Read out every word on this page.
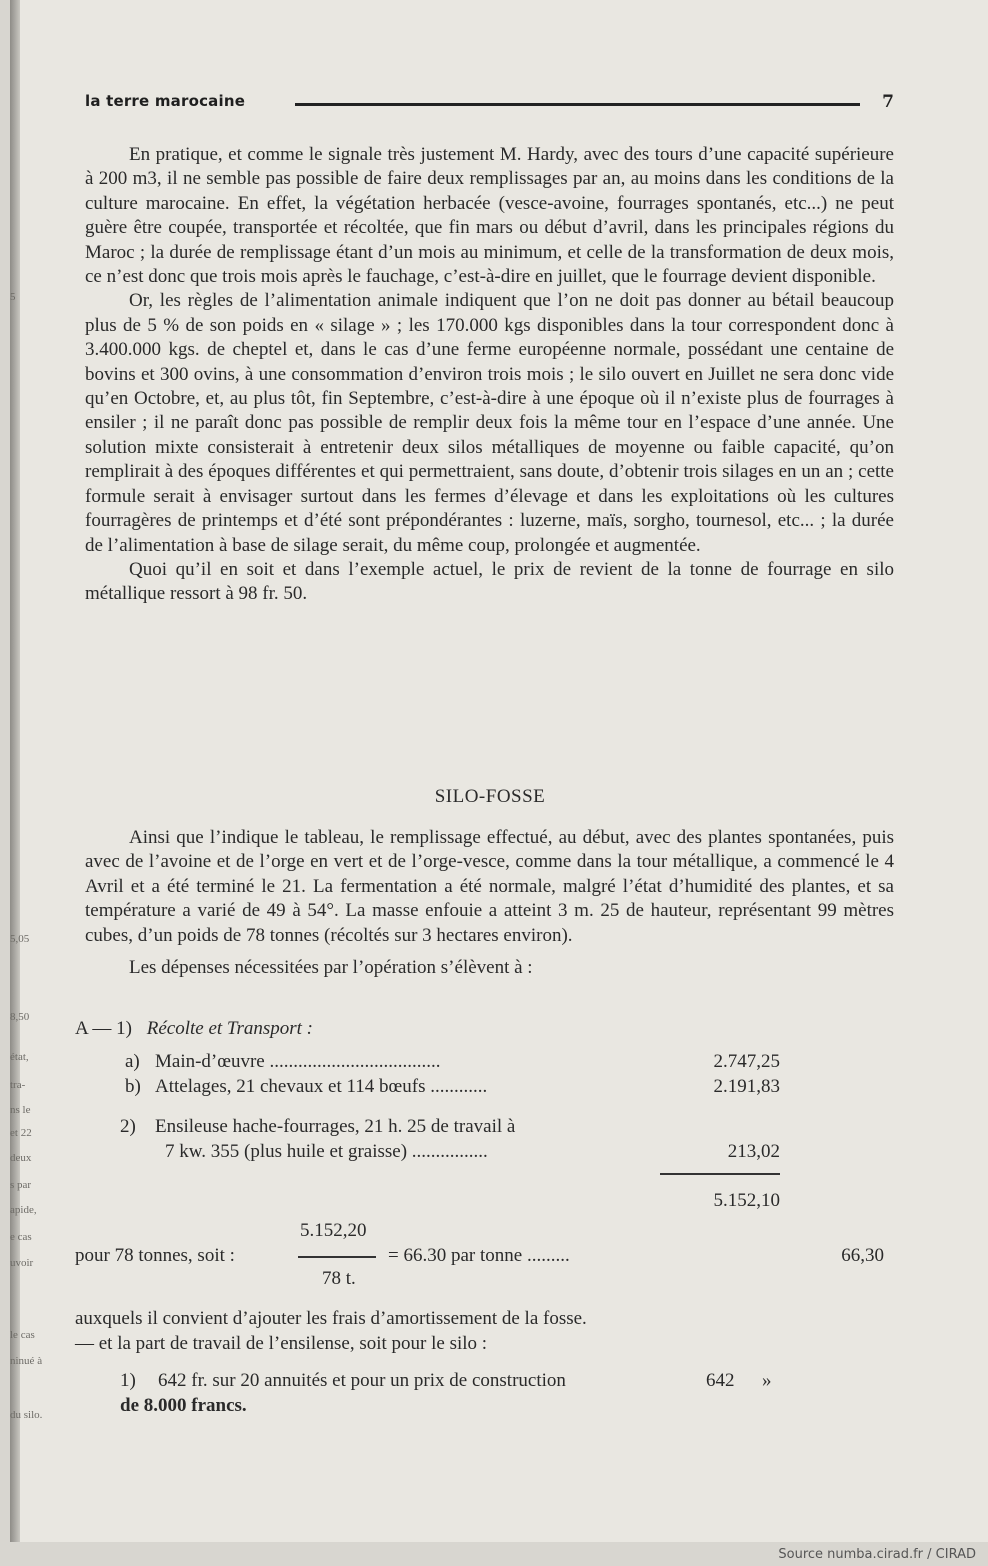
5
5,05
8,50
état,
tra-
ns le
et 22
deux
s par
apide,
e cas
uvoir
le cas
ninué à
du silo.
la terre marocaine	7

En pratique, et comme le signale très justement M. Hardy, avec des tours d’une capacité supérieure à 200 m3, il ne semble pas possible de faire deux remplissages par an, au moins dans les conditions de la culture marocaine. En effet, la végétation herbacée (vesce-avoine, fourrages spontanés, etc...) ne peut guère être coupée, transportée et récoltée, que fin mars ou début d’avril, dans les principales régions du Maroc ; la durée de remplissage étant d’un mois au minimum, et celle de la transformation de deux mois, ce n’est donc que trois mois après le fauchage, c’est-à-dire en juillet, que le fourrage devient disponible.

Or, les règles de l’alimentation animale indiquent que l’on ne doit pas donner au bétail beaucoup plus de 5 % de son poids en « silage » ; les 170.000 kgs disponibles dans la tour correspondent donc à 3.400.000 kgs. de cheptel et, dans le cas d’une ferme européenne normale, possédant une centaine de bovins et 300 ovins, à une consommation d’environ trois mois ; le silo ouvert en Juillet ne sera donc vide qu’en Octobre, et, au plus tôt, fin Septembre, c’est-à-dire à une époque où il n’existe plus de fourrages à ensiler ; il ne paraît donc pas possible de remplir deux fois la même tour en l’espace d’une année. Une solution mixte consisterait à entretenir deux silos métalliques de moyenne ou faible capacité, qu’on remplirait à des époques différentes et qui permettraient, sans doute, d’obtenir trois silages en un an ; cette formule serait à envisager surtout dans les fermes d’élevage et dans les exploitations où les cultures fourragères de printemps et d’été sont prépondérantes : luzerne, maïs, sorgho, tournesol, etc... ; la durée de l’alimentation à base de silage serait, du même coup, prolongée et augmentée.

Quoi qu’il en soit et dans l’exemple actuel, le prix de revient de la tonne de fourrage en silo métallique ressort à 98 fr. 50.

SILO-FOSSE

Ainsi que l’indique le tableau, le remplissage effectué, au début, avec des plantes spontanées, puis avec de l’avoine et de l’orge en vert et de l’orge-vesce, comme dans la tour métallique, a commencé le 4 Avril et a été terminé le 21. La fermentation a été normale, malgré l’état d’humidité des plantes, et sa température a varié de 49 à 54°. La masse enfouie a atteint 3 m. 25 de hauteur, représentant 99 mètres cubes, d’un poids de 78 tonnes (récoltés sur 3 hectares environ).

Les dépenses nécessitées par l’opération s’élèvent à :

A — 1) Récolte et Transport :
a) Main-d’œuvre ....................................	2.747,25
b) Attelages, 21 chevaux et 114 bœufs ............	2.191,83
2) Ensileuse hache-fourrages, 21 h. 25 de travail à
7 kw. 355 (plus huile et graisse) ................	213,02
5.152,10
5.152,20
pour 78 tonnes, soit :	= 66.30 par tonne .........	66,30
78 t.
auxquels il convient d’ajouter les frais d’amortissement de la fosse.
— et la part de travail de l’ensilense, soit pour le silo :
1) 642 fr. sur 20 annuités et pour un prix de construction	642 »
de 8.000 francs.
Source numba.cirad.fr / CIRAD
